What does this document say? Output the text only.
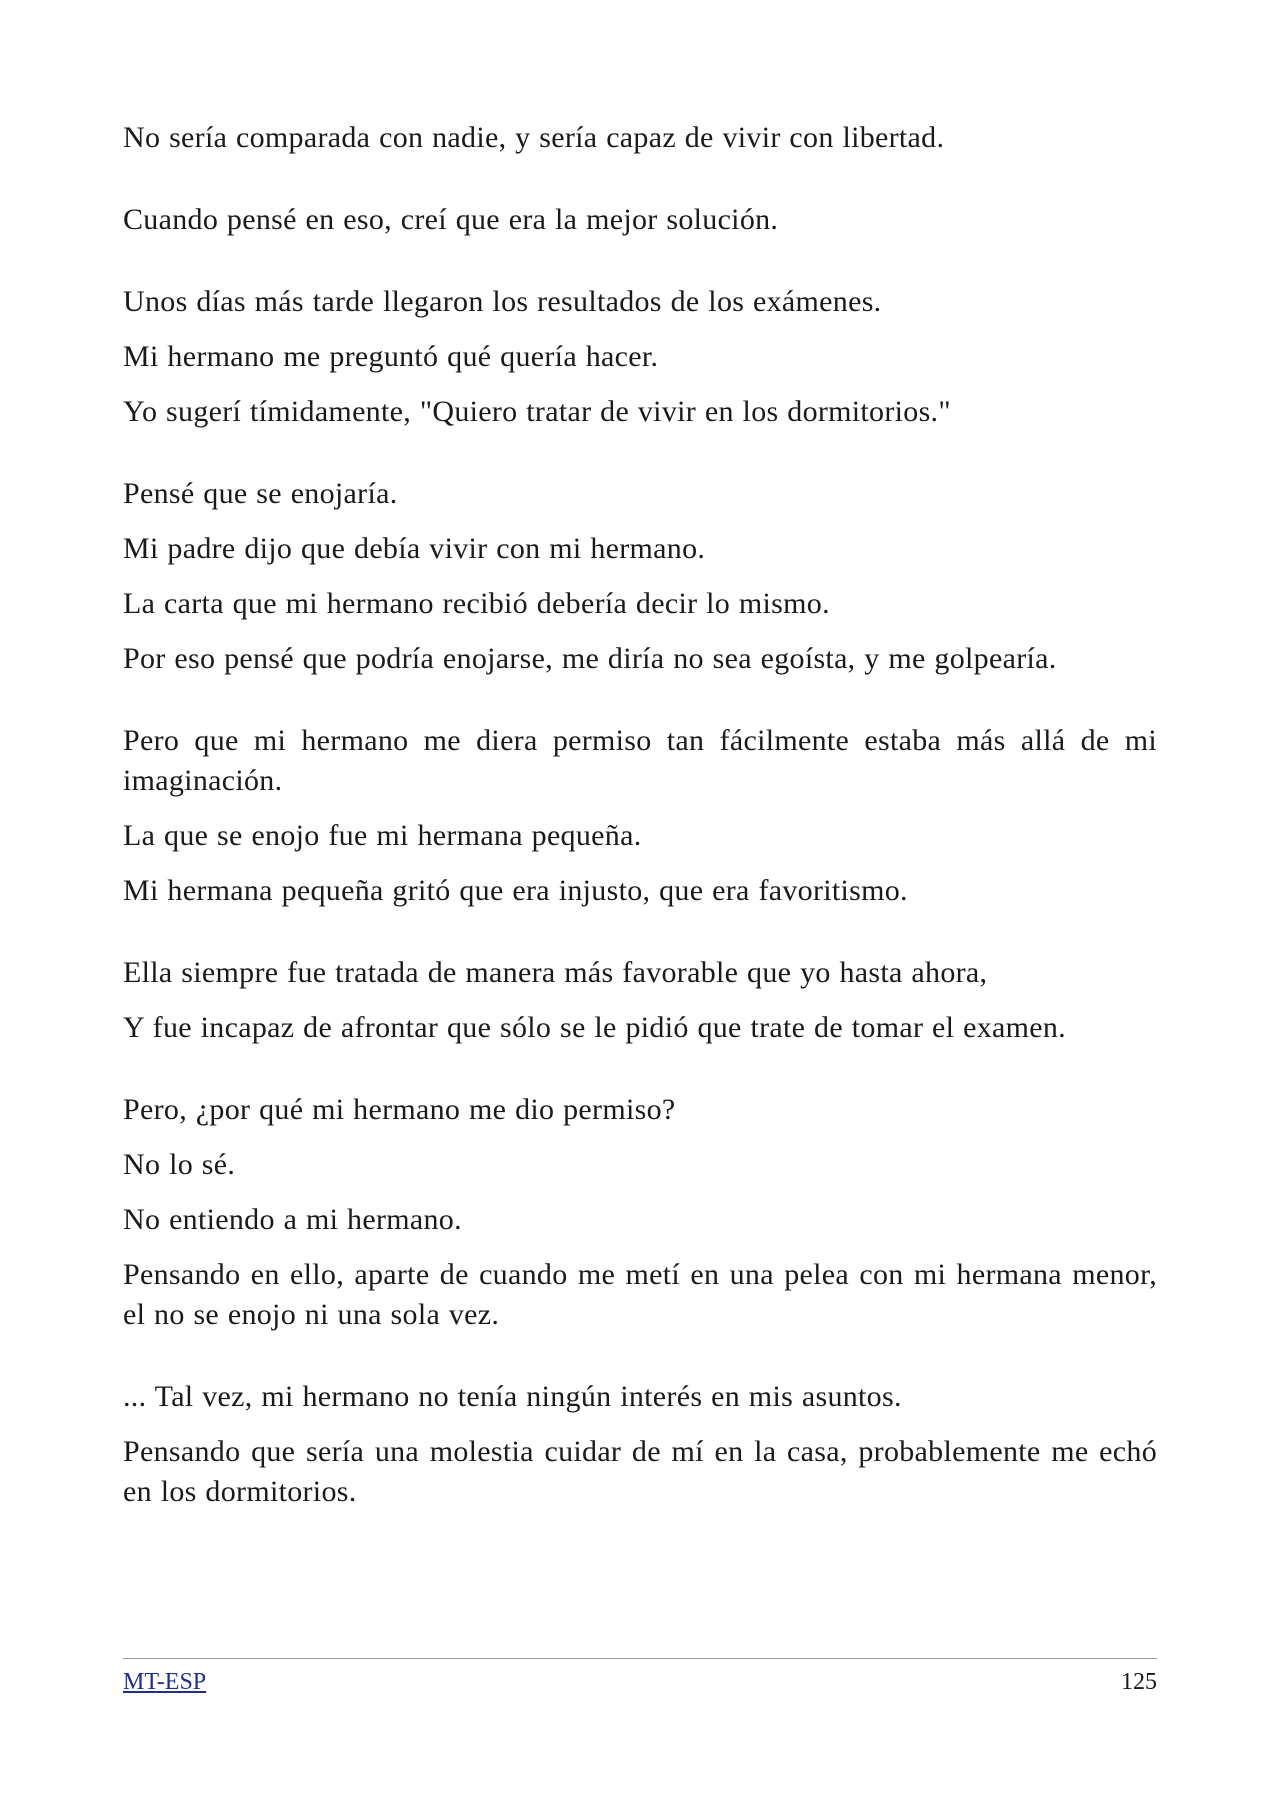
No sería comparada con nadie, y sería capaz de vivir con libertad.

Cuando pensé en eso, creí que era la mejor solución.

Unos días más tarde llegaron los resultados de los exámenes.

Mi hermano me preguntó qué quería hacer.

Yo sugerí tímidamente, "Quiero tratar de vivir en los dormitorios."

Pensé que se enojaría.

Mi padre dijo que debía vivir con mi hermano.

La carta que mi hermano recibió debería decir lo mismo.

Por eso pensé que podría enojarse, me diría no sea egoísta, y me golpearía.

Pero que mi hermano me diera permiso tan fácilmente estaba más allá de mi imaginación.

La que se enojo fue mi hermana pequeña.

Mi hermana pequeña gritó que era injusto, que era favoritismo.

Ella siempre fue tratada de manera más favorable que yo hasta ahora,

Y fue incapaz de afrontar que sólo se le pidió que trate de tomar el examen.

Pero, ¿por qué mi hermano me dio permiso?

No lo sé.

No entiendo a mi hermano.

Pensando en ello, aparte de cuando me metí en una pelea con mi hermana menor, el no se enojo ni una sola vez.

... Tal vez, mi hermano no tenía ningún interés en mis asuntos.

Pensando que sería una molestia cuidar de mí en la casa, probablemente me echó en los dormitorios.

MT-ESP	125
